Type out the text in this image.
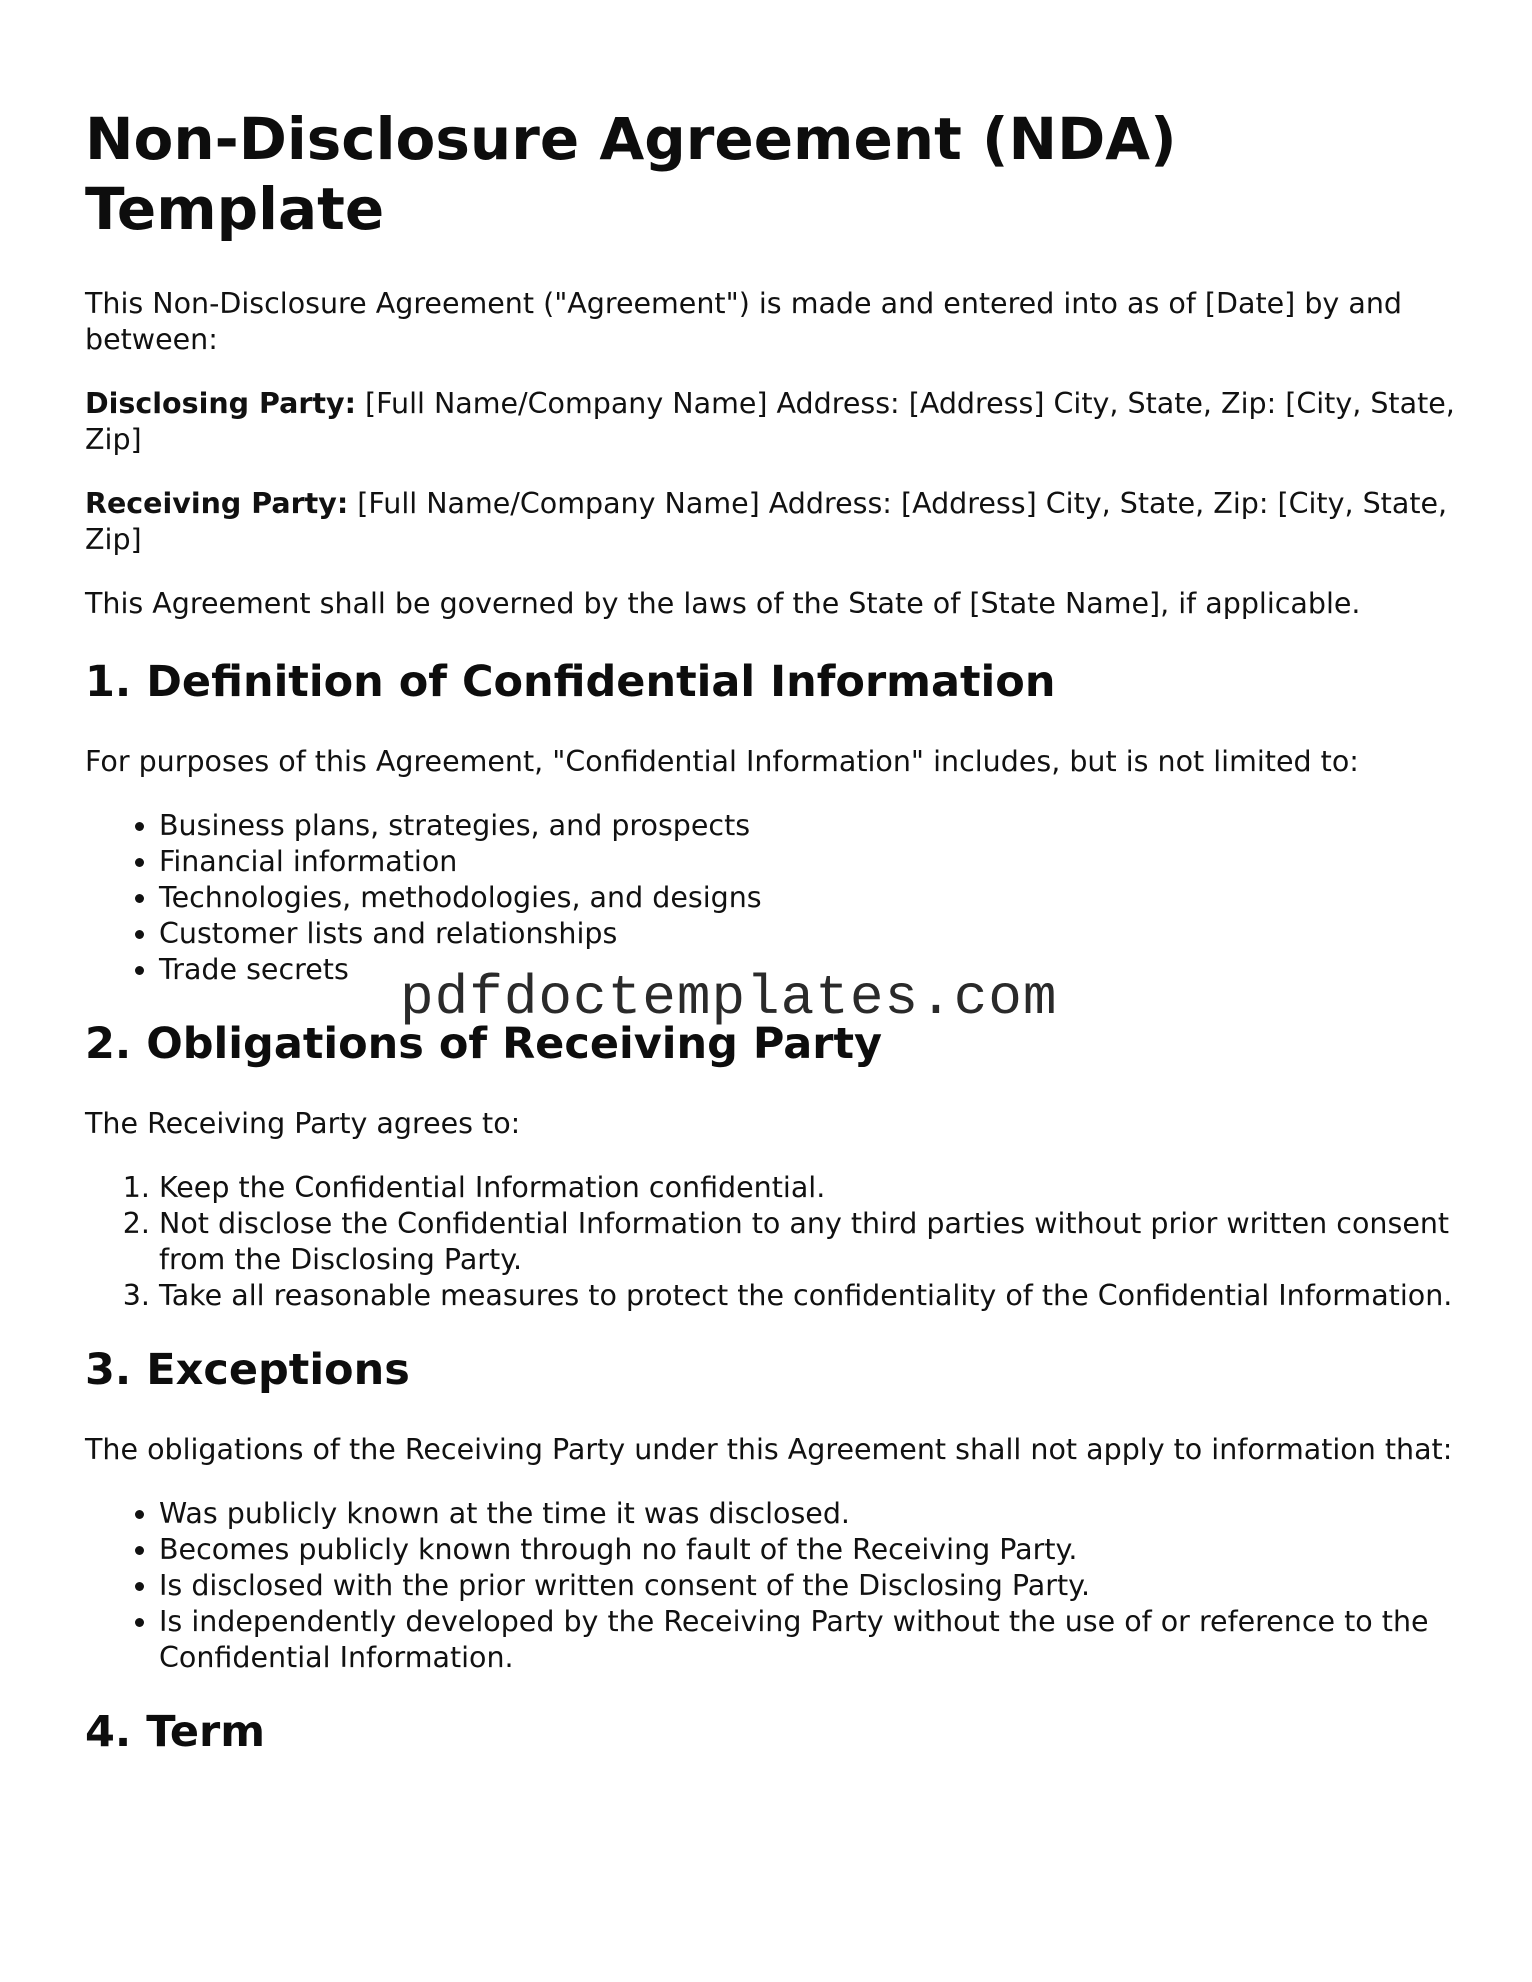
Non-Disclosure Agreement (NDA) Template

This Non-Disclosure Agreement ("Agreement") is made and entered into as of [Date] by and between:

Disclosing Party: [Full Name/Company Name] Address: [Address] City, State, Zip: [City, State, Zip]

Receiving Party: [Full Name/Company Name] Address: [Address] City, State, Zip: [City, State, Zip]

This Agreement shall be governed by the laws of the State of [State Name], if applicable.

1. Definition of Confidential Information

For purposes of this Agreement, "Confidential Information" includes, but is not limited to:

• Business plans, strategies, and prospects
• Financial information
• Technologies, methodologies, and designs
• Customer lists and relationships
• Trade secrets
2. Obligations of Receiving Party

The Receiving Party agrees to:

1. Keep the Confidential Information confidential.
2. Not disclose the Confidential Information to any third parties without prior written consent from the Disclosing Party.
3. Take all reasonable measures to protect the confidentiality of the Confidential Information.
3. Exceptions

The obligations of the Receiving Party under this Agreement shall not apply to information that:

• Was publicly known at the time it was disclosed.
• Becomes publicly known through no fault of the Receiving Party.
• Is disclosed with the prior written consent of the Disclosing Party.
• Is independently developed by the Receiving Party without the use of or reference to the Confidential Information.
4. Term
pdfdoctemplates.com
